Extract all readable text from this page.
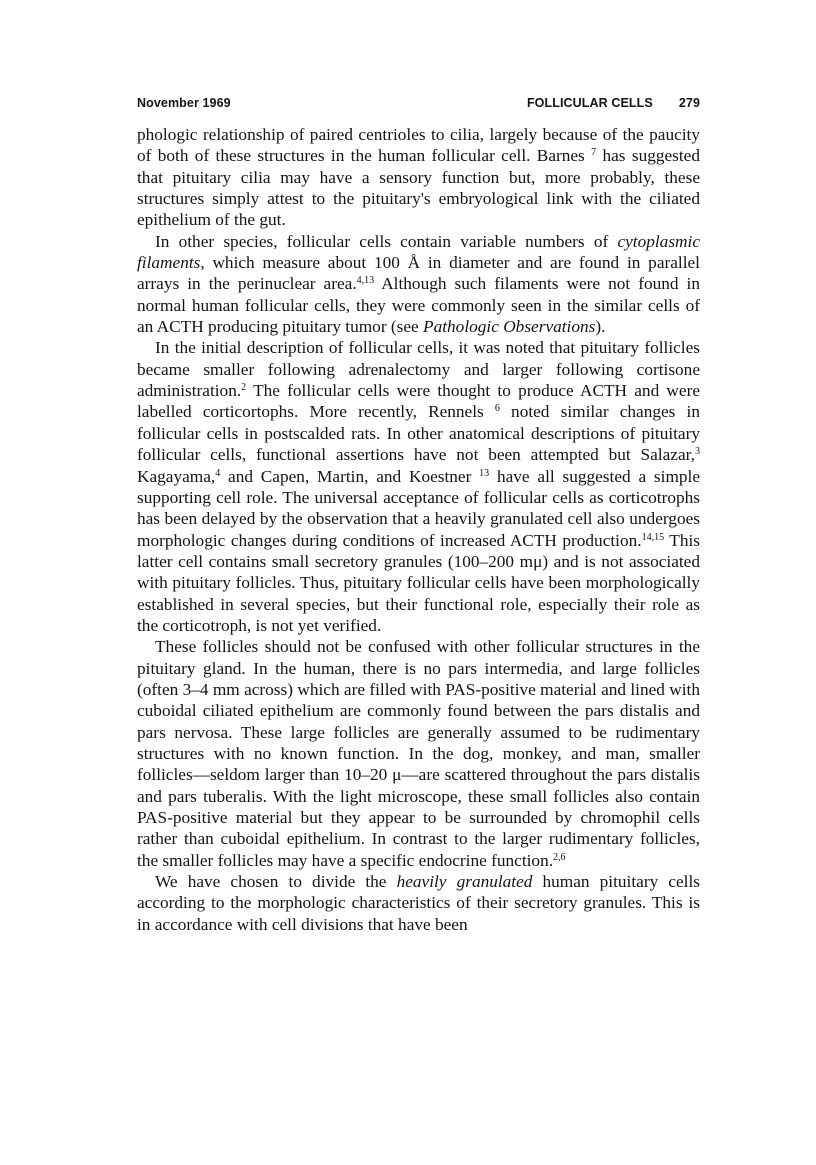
November 1969	FOLLICULAR CELLS 279

phologic relationship of paired centrioles to cilia, largely because of the paucity of both of these structures in the human follicular cell. Barnes $^7$ has suggested that pituitary cilia may have a sensory function but, more probably, these structures simply attest to the pituitary's embryological link with the ciliated epithelium of the gut.

In other species, follicular cells contain variable numbers of cytoplasmic filaments, which measure about 100 Å in diameter and are found in parallel arrays in the perinuclear area.$^{4,13}$ Although such filaments were not found in normal human follicular cells, they were commonly seen in the similar cells of an ACTH producing pituitary tumor (see Pathologic Observations).

In the initial description of follicular cells, it was noted that pituitary follicles became smaller following adrenalectomy and larger following cortisone administration.$^2$ The follicular cells were thought to produce ACTH and were labelled corticortophs. More recently, Rennels $^6$ noted similar changes in follicular cells in postscalded rats. In other anatomical descriptions of pituitary follicular cells, functional assertions have not been attempted but Salazar,$^3$ Kagayama,$^4$ and Capen, Martin, and Koestner $^{13}$ have all suggested a simple supporting cell role. The universal acceptance of follicular cells as corticotrophs has been delayed by the observation that a heavily granulated cell also undergoes morphologic changes during conditions of increased ACTH production.$^{14,15}$ This latter cell contains small secretory granules (100–200 mμ) and is not associated with pituitary follicles. Thus, pituitary follicular cells have been morphologically established in several species, but their functional role, especially their role as the corticotroph, is not yet verified.

These follicles should not be confused with other follicular structures in the pituitary gland. In the human, there is no pars intermedia, and large follicles (often 3–4 mm across) which are filled with PAS-positive material and lined with cuboidal ciliated epithelium are commonly found between the pars distalis and pars nervosa. These large follicles are generally assumed to be rudimentary structures with no known function. In the dog, monkey, and man, smaller follicles—seldom larger than 10–20 μ—are scattered throughout the pars distalis and pars tuberalis. With the light microscope, these small follicles also contain PAS-positive material but they appear to be surrounded by chromophil cells rather than cuboidal epithelium. In contrast to the larger rudimentary follicles, the smaller follicles may have a specific endocrine function.$^{2,6}$

We have chosen to divide the heavily granulated human pituitary cells according to the morphologic characteristics of their secretory granules. This is in accordance with cell divisions that have been
